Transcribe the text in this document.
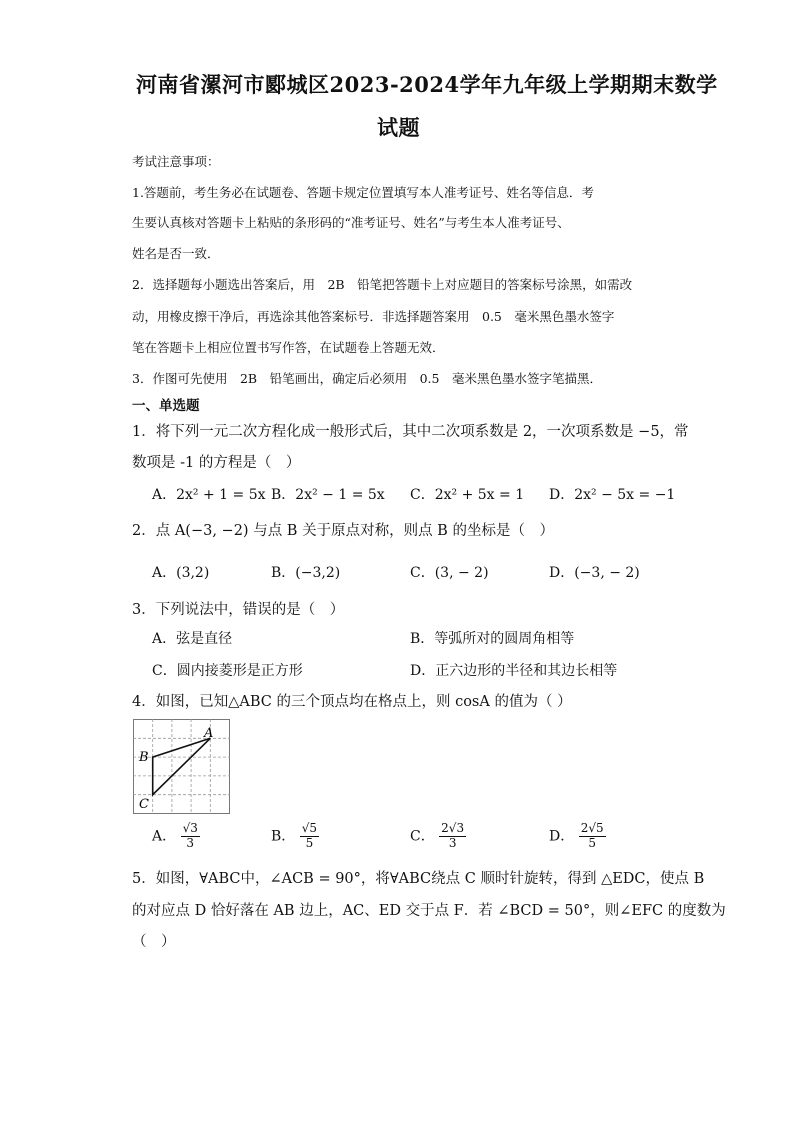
河南省漯河市郾城区2023-2024学年九年级上学期期末数学
试题
考试注意事项：
1.答题前，考生务必在试题卷、答题卡规定位置填写本人准考证号、姓名等信息．考
生要认真核对答题卡上粘贴的条形码的“准考证号、姓名”与考生本人准考证号、
姓名是否一致．
2．选择题每小题选出答案后，用　2B　铅笔把答题卡上对应题目的答案标号涂黑，如需改
动，用橡皮擦干净后，再选涂其他答案标号．非选择题答案用　0.5　毫米黑色墨水签字
笔在答题卡上相应位置书写作答，在试题卷上答题无效．
3．作图可先使用　2B　铅笔画出，确定后必须用　0.5　毫米黑色墨水签字笔描黑．
一、单选题
1．将下列一元二次方程化成一般形式后，其中二次项系数是 2，一次项系数是 −5，常
数项是 -1 的方程是（　）
A．2x² + 1 = 5x B．2x² − 1 = 5x C．2x² + 5x = 1 D．2x² − 5x = −1
2．点 A(−3, −2) 与点 B 关于原点对称，则点 B 的坐标是（　）
A．(3,2)	B．(−3,2)	C．(3, − 2)	D．(−3, − 2)
3．下列说法中，错误的是（　）
A．弦是直径	B．等弧所对的圆周角相等
C．圆内接菱形是正方形	D．正六边形的半径和其边长相等
4．如图，已知△ABC 的三个顶点均在格点上，则 cosA 的值为（ ）
A
B
C
A． $\frac{√3}{3}$	B． $\frac{√5}{5}$	C． $\frac{2√3}{3}$	D． $\frac{2√5}{5}$
5．如图，∀ABC中，∠ACB = 90°，将∀ABC绕点 C 顺时针旋转，得到 △EDC，使点 B
的对应点 D 恰好落在 AB 边上，AC、ED 交于点 F．若 ∠BCD = 50°，则∠EFC 的度数为
（　）
